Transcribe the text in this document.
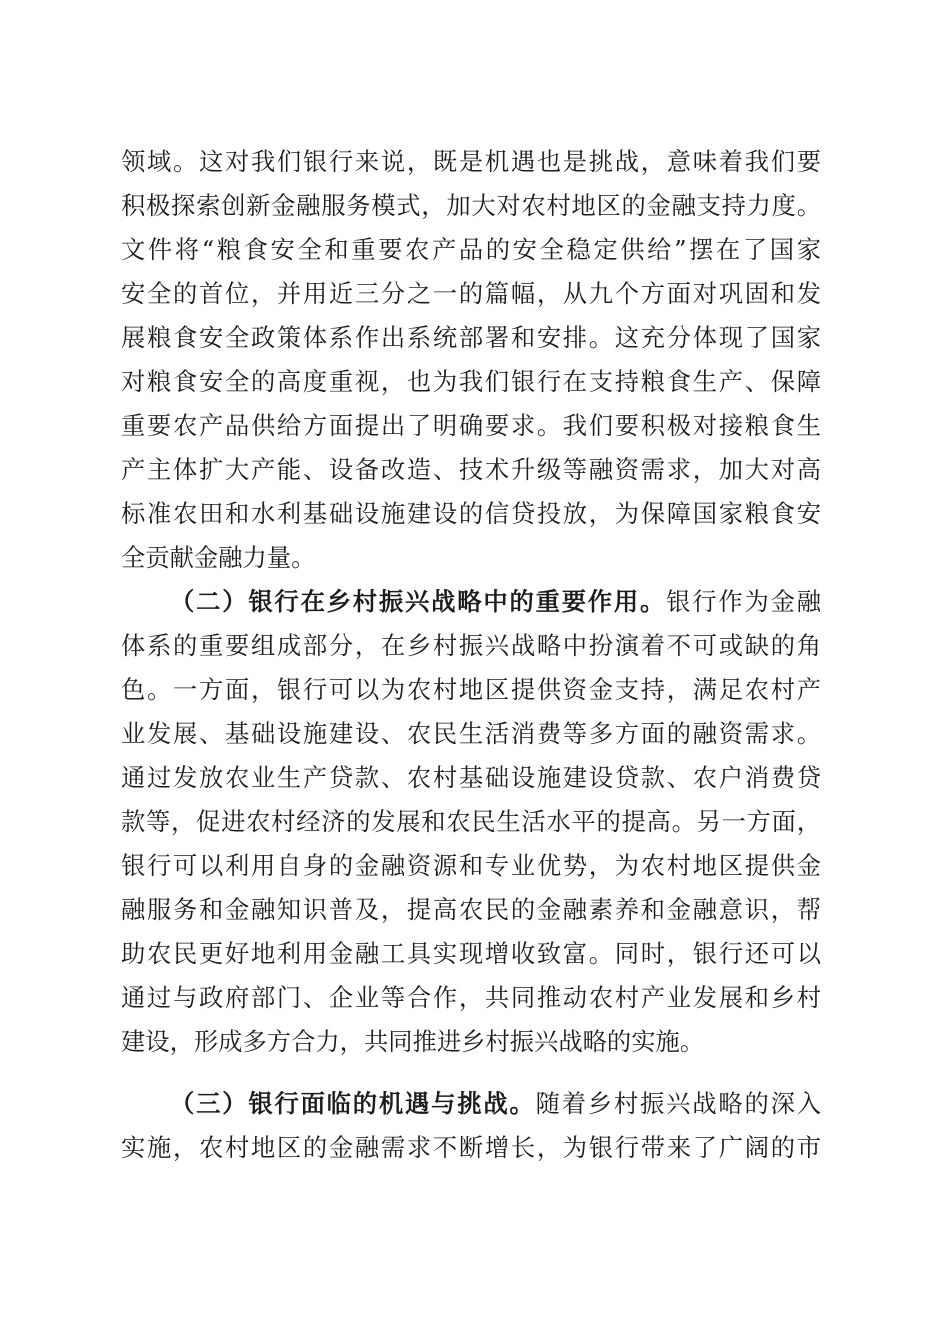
领域。这对我们银行来说，既是机遇也是挑战，意味着我们要
积极探索创新金融服务模式，加大对农村地区的金融支持力度。
文件将“粮食安全和重要农产品的安全稳定供给”摆在了国家
安全的首位，并用近三分之一的篇幅，从九个方面对巩固和发
展粮食安全政策体系作出系统部署和安排。这充分体现了国家
对粮食安全的高度重视，也为我们银行在支持粮食生产、保障
重要农产品供给方面提出了明确要求。我们要积极对接粮食生
产主体扩大产能、设备改造、技术升级等融资需求，加大对高
标准农田和水利基础设施建设的信贷投放，为保障国家粮食安
全贡献金融力量。
（二）银行在乡村振兴战略中的重要作用。银行作为金融
体系的重要组成部分，在乡村振兴战略中扮演着不可或缺的角
色。一方面，银行可以为农村地区提供资金支持，满足农村产
业发展、基础设施建设、农民生活消费等多方面的融资需求。
通过发放农业生产贷款、农村基础设施建设贷款、农户消费贷
款等，促进农村经济的发展和农民生活水平的提高。另一方面，
银行可以利用自身的金融资源和专业优势，为农村地区提供金
融服务和金融知识普及，提高农民的金融素养和金融意识，帮
助农民更好地利用金融工具实现增收致富。同时，银行还可以
通过与政府部门、企业等合作，共同推动农村产业发展和乡村
建设，形成多方合力，共同推进乡村振兴战略的实施。
（三）银行面临的机遇与挑战。随着乡村振兴战略的深入
实施，农村地区的金融需求不断增长，为银行带来了广阔的市
